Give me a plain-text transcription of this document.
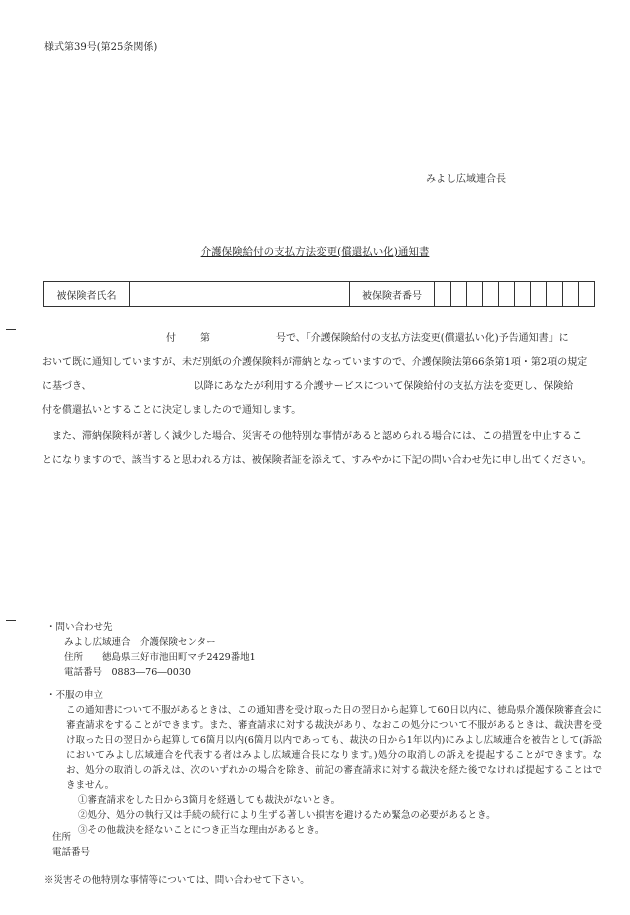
様式第39号(第25条関係)
みよし広域連合長
介護保険給付の支払方法変更(償還払い化)通知書
被保険者氏名		被保険者番号										
付 第	号で、「介護保険給付の支払方法変更(償還払い化)予告通知書」に
おいて既に通知していますが、未だ別紙の介護保険料が滞納となっていますので、介護保険法第66条第1項・第2項の規定
に基づき、	以降にあなたが利用する介護サービスについて保険給付の支払方法を変更し、保険給
付を償還払いとすることに決定しましたので通知します。
また、滞納保険料が著しく減少した場合、災害その他特別な事情があると認められる場合には、この措置を中止するこ
とになりますので、該当すると思われる方は、被保険者証を添えて、すみやかに下記の問い合わせ先に申し出てください。
・問い合わせ先
みよし広域連合　介護保険センター
住所　　徳島県三好市池田町マチ2429番地1
電話番号　0883―76―0030
・不服の申立
この通知書について不服があるときは、この通知書を受け取った日の翌日から起算して60日以内に、徳島県介護保険審査会に審査請求をすることができます。また、審査請求に対する裁決があり、なおこの処分について不服があるときは、裁決書を受け取った日の翌日から起算して6箇月以内(6箇月以内であっても、裁決の日から1年以内)にみよし広域連合を被告として(訴訟においてみよし広域連合を代表する者はみよし広域連合長になります。)処分の取消しの訴えを提起することができます。なお、処分の取消しの訴えは、次のいずれかの場合を除き、前記の審査請求に対する裁決を経た後でなければ提起することはできません。
①審査請求をした日から3箇月を経過しても裁決がないとき。
②処分、処分の執行又は手続の続行により生ずる著しい損害を避けるため緊急の必要があるとき。
③その他裁決を経ないことにつき正当な理由があるとき。
住所
電話番号
※災害その他特別な事情等については、問い合わせて下さい。
